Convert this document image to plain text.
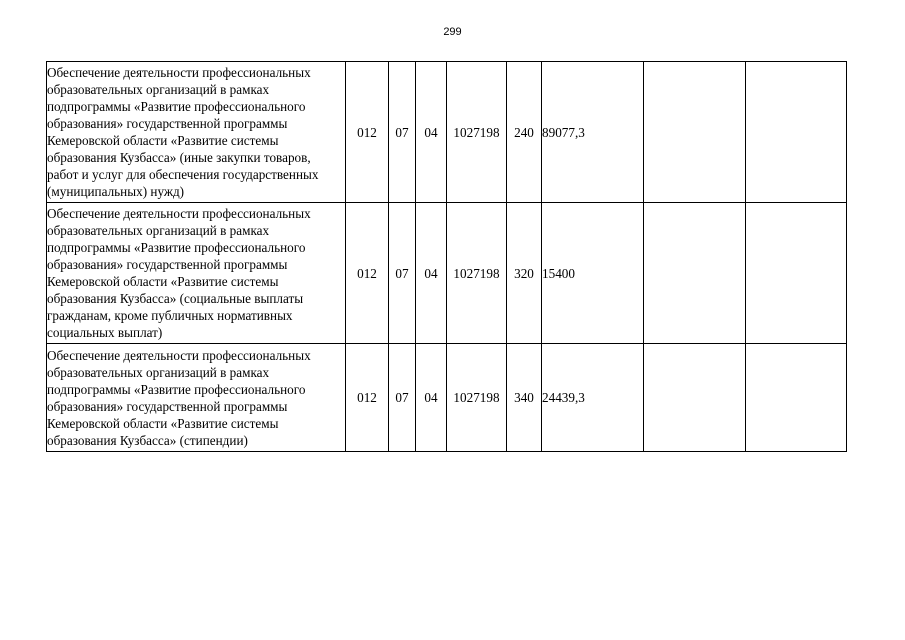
299
Обеспечение деятельности профессиональных образовательных организаций в рамках подпрограммы «Развитие профессионального образования» государственной программы Кемеровской области «Развитие системы образования Кузбасса» (иные закупки товаров, работ и услуг для обеспечения государственных (муниципальных) нужд)	012	07	04	1027198	240	89077,3		
Обеспечение деятельности профессиональных образовательных организаций в рамках подпрограммы «Развитие профессионального образования» государственной программы Кемеровской области «Развитие системы образования Кузбасса» (социальные выплаты гражданам, кроме публичных нормативных социальных выплат)	012	07	04	1027198	320	15400		
Обеспечение деятельности профессиональных образовательных организаций в рамках подпрограммы «Развитие профессионального образования» государственной программы Кемеровской области «Развитие системы образования Кузбасса» (стипендии)	012	07	04	1027198	340	24439,3		
